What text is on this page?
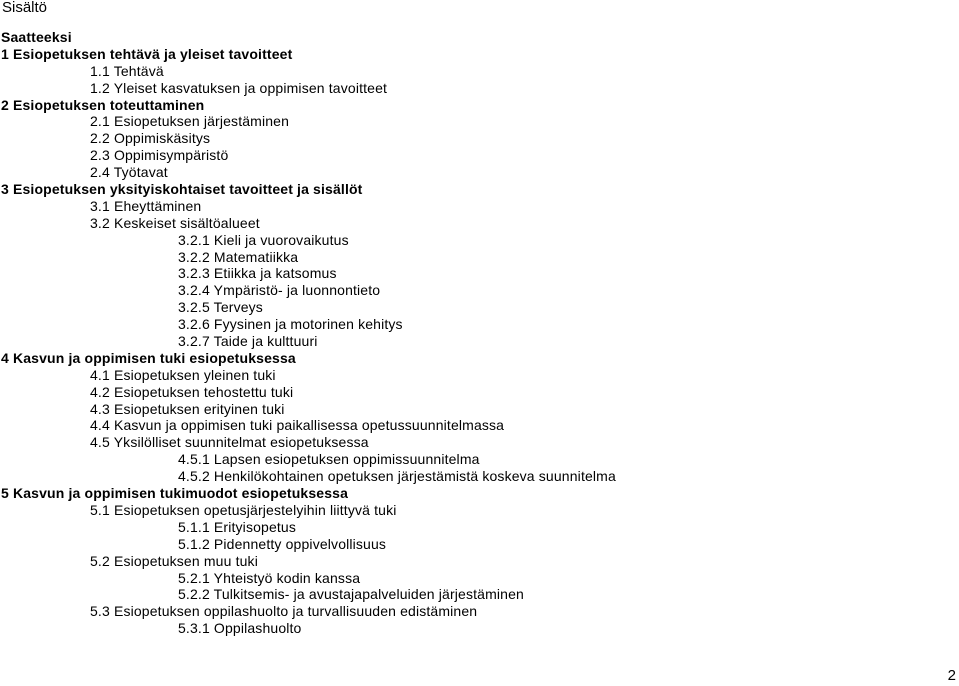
Sisältö
Saatteeksi
1 Esiopetuksen tehtävä ja yleiset tavoitteet
1.1 Tehtävä
1.2 Yleiset kasvatuksen ja oppimisen tavoitteet
2 Esiopetuksen toteuttaminen
2.1 Esiopetuksen järjestäminen
2.2 Oppimiskäsitys
2.3 Oppimisympäristö
2.4 Työtavat
3 Esiopetuksen yksityiskohtaiset tavoitteet ja sisällöt
3.1 Eheyttäminen
3.2 Keskeiset sisältöalueet
3.2.1 Kieli ja vuorovaikutus
3.2.2 Matematiikka
3.2.3 Etiikka ja katsomus
3.2.4 Ympäristö- ja luonnontieto
3.2.5 Terveys
3.2.6 Fyysinen ja motorinen kehitys
3.2.7 Taide ja kulttuuri
4 Kasvun ja oppimisen tuki esiopetuksessa
4.1 Esiopetuksen yleinen tuki
4.2 Esiopetuksen tehostettu tuki
4.3 Esiopetuksen erityinen tuki
4.4 Kasvun ja oppimisen tuki paikallisessa opetussuunnitelmassa
4.5 Yksilölliset suunnitelmat esiopetuksessa
4.5.1 Lapsen esiopetuksen oppimissuunnitelma
4.5.2 Henkilökohtainen opetuksen järjestämistä koskeva suunnitelma
5 Kasvun ja oppimisen tukimuodot esiopetuksessa
5.1 Esiopetuksen opetusjärjestelyihin liittyvä tuki
5.1.1 Erityisopetus
5.1.2 Pidennetty oppivelvollisuus
5.2 Esiopetuksen muu tuki
5.2.1 Yhteistyö kodin kanssa
5.2.2 Tulkitsemis- ja avustajapalveluiden järjestäminen
5.3 Esiopetuksen oppilashuolto ja turvallisuuden edistäminen
5.3.1 Oppilashuolto
2
